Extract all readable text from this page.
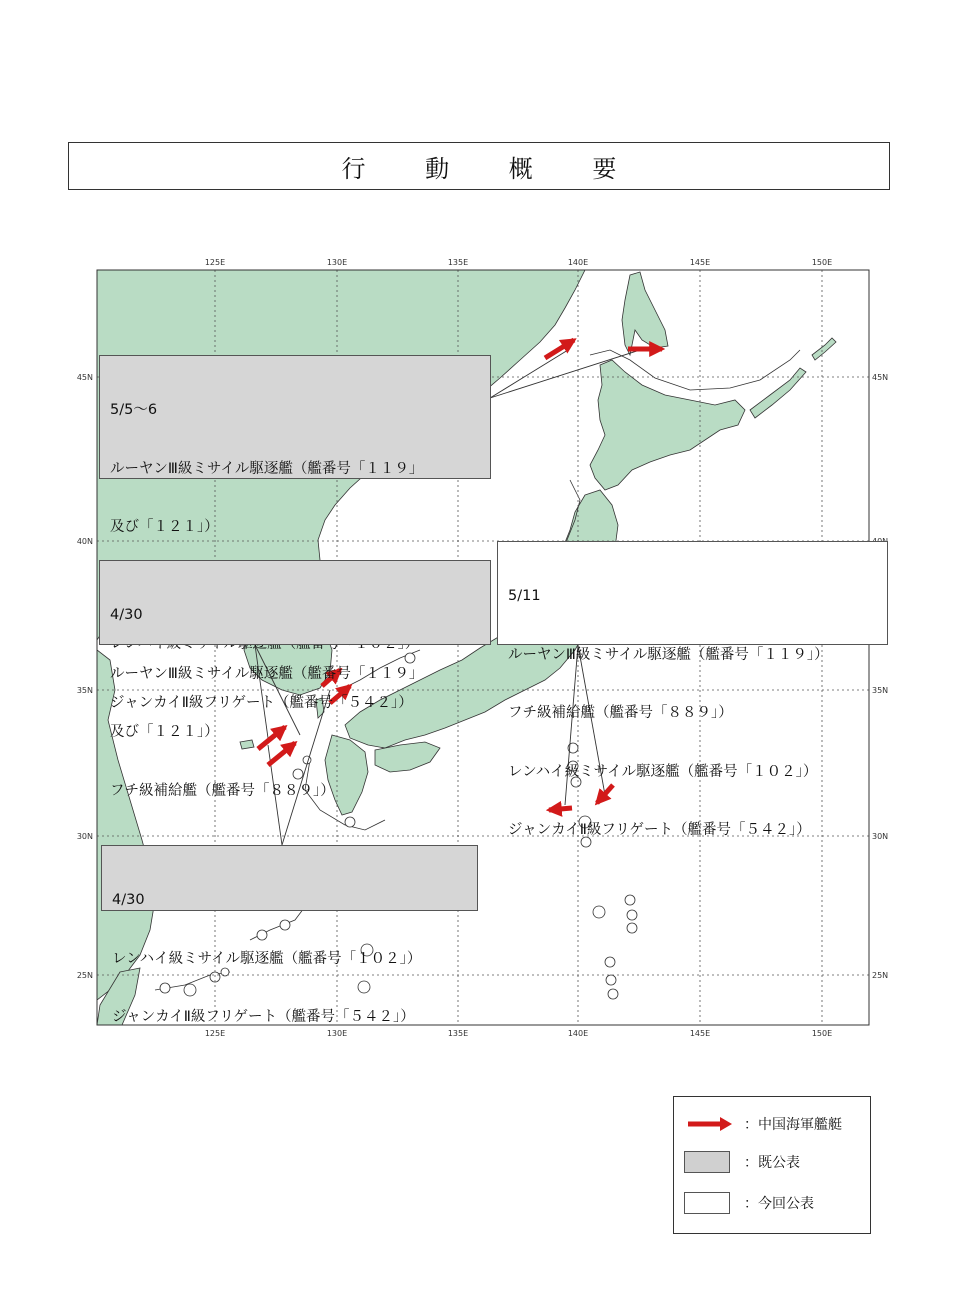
行 動 概 要
125E	130E	135E	140E	145E	150E
125E	130E	135E	140E	145E	150E
45N
40N
35N
30N
25N
45N
35N
30N
25N

5/5～6

ルーヤンⅢ級ミサイル駆逐艦（艦番号「１１９」

及び「１２１」）

ジャンカイⅡ級フリゲート（艦番号「５４２」）

4/30

ルーヤンⅢ級ミサイル駆逐艦（艦番号「１１９」

及び「１２１」）

フチ級補給艦（艦番号「８８９」）

5/11

ルーヤンⅢ級ミサイル駆逐艦（艦番号「１１９」）

フチ級補給艦（艦番号「８８９」）

レンハイ級ミサイル駆逐艦（艦番号「１０２」）

ジャンカイⅡ級フリゲート（艦番号「５４２」）

4/30

レンハイ級ミサイル駆逐艦（艦番号「１０２」）

ジャンカイⅡ級フリゲート（艦番号「５４２」）

：中国海軍艦艇
：既公表
：今回公表
